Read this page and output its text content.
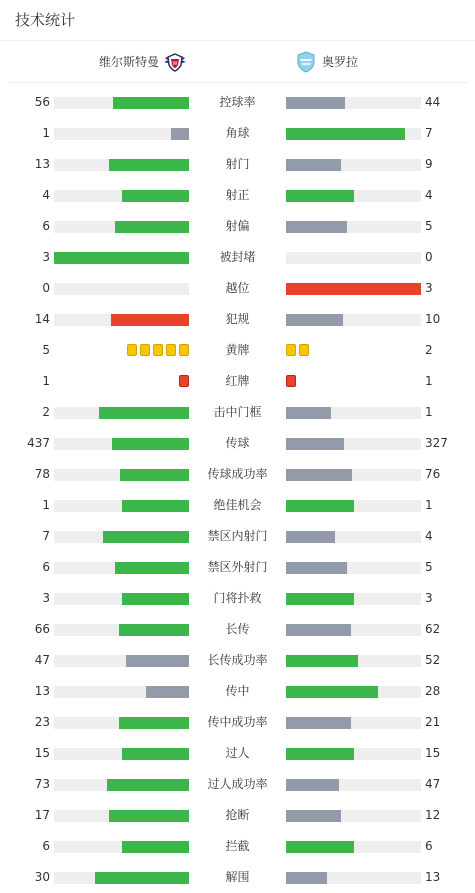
技术统计
维尔斯特曼	W	奥罗拉
56	控球率	44
1	角球	7
13	射门	9
4	射正	4
6	射偏	5
3	被封堵	0
0	越位	3
14	犯规	10
5	黄牌	2
1	红牌	1
2	击中门框	1
437	传球	327
78	传球成功率	76
1	绝佳机会	1
7	禁区内射门	4
6	禁区外射门	5
3	门将扑救	3
66	长传	62
47	长传成功率	52
13	传中	28
23	传中成功率	21
15	过人	15
73	过人成功率	47
17	抢断	12
6	拦截	6
30	解围	13
